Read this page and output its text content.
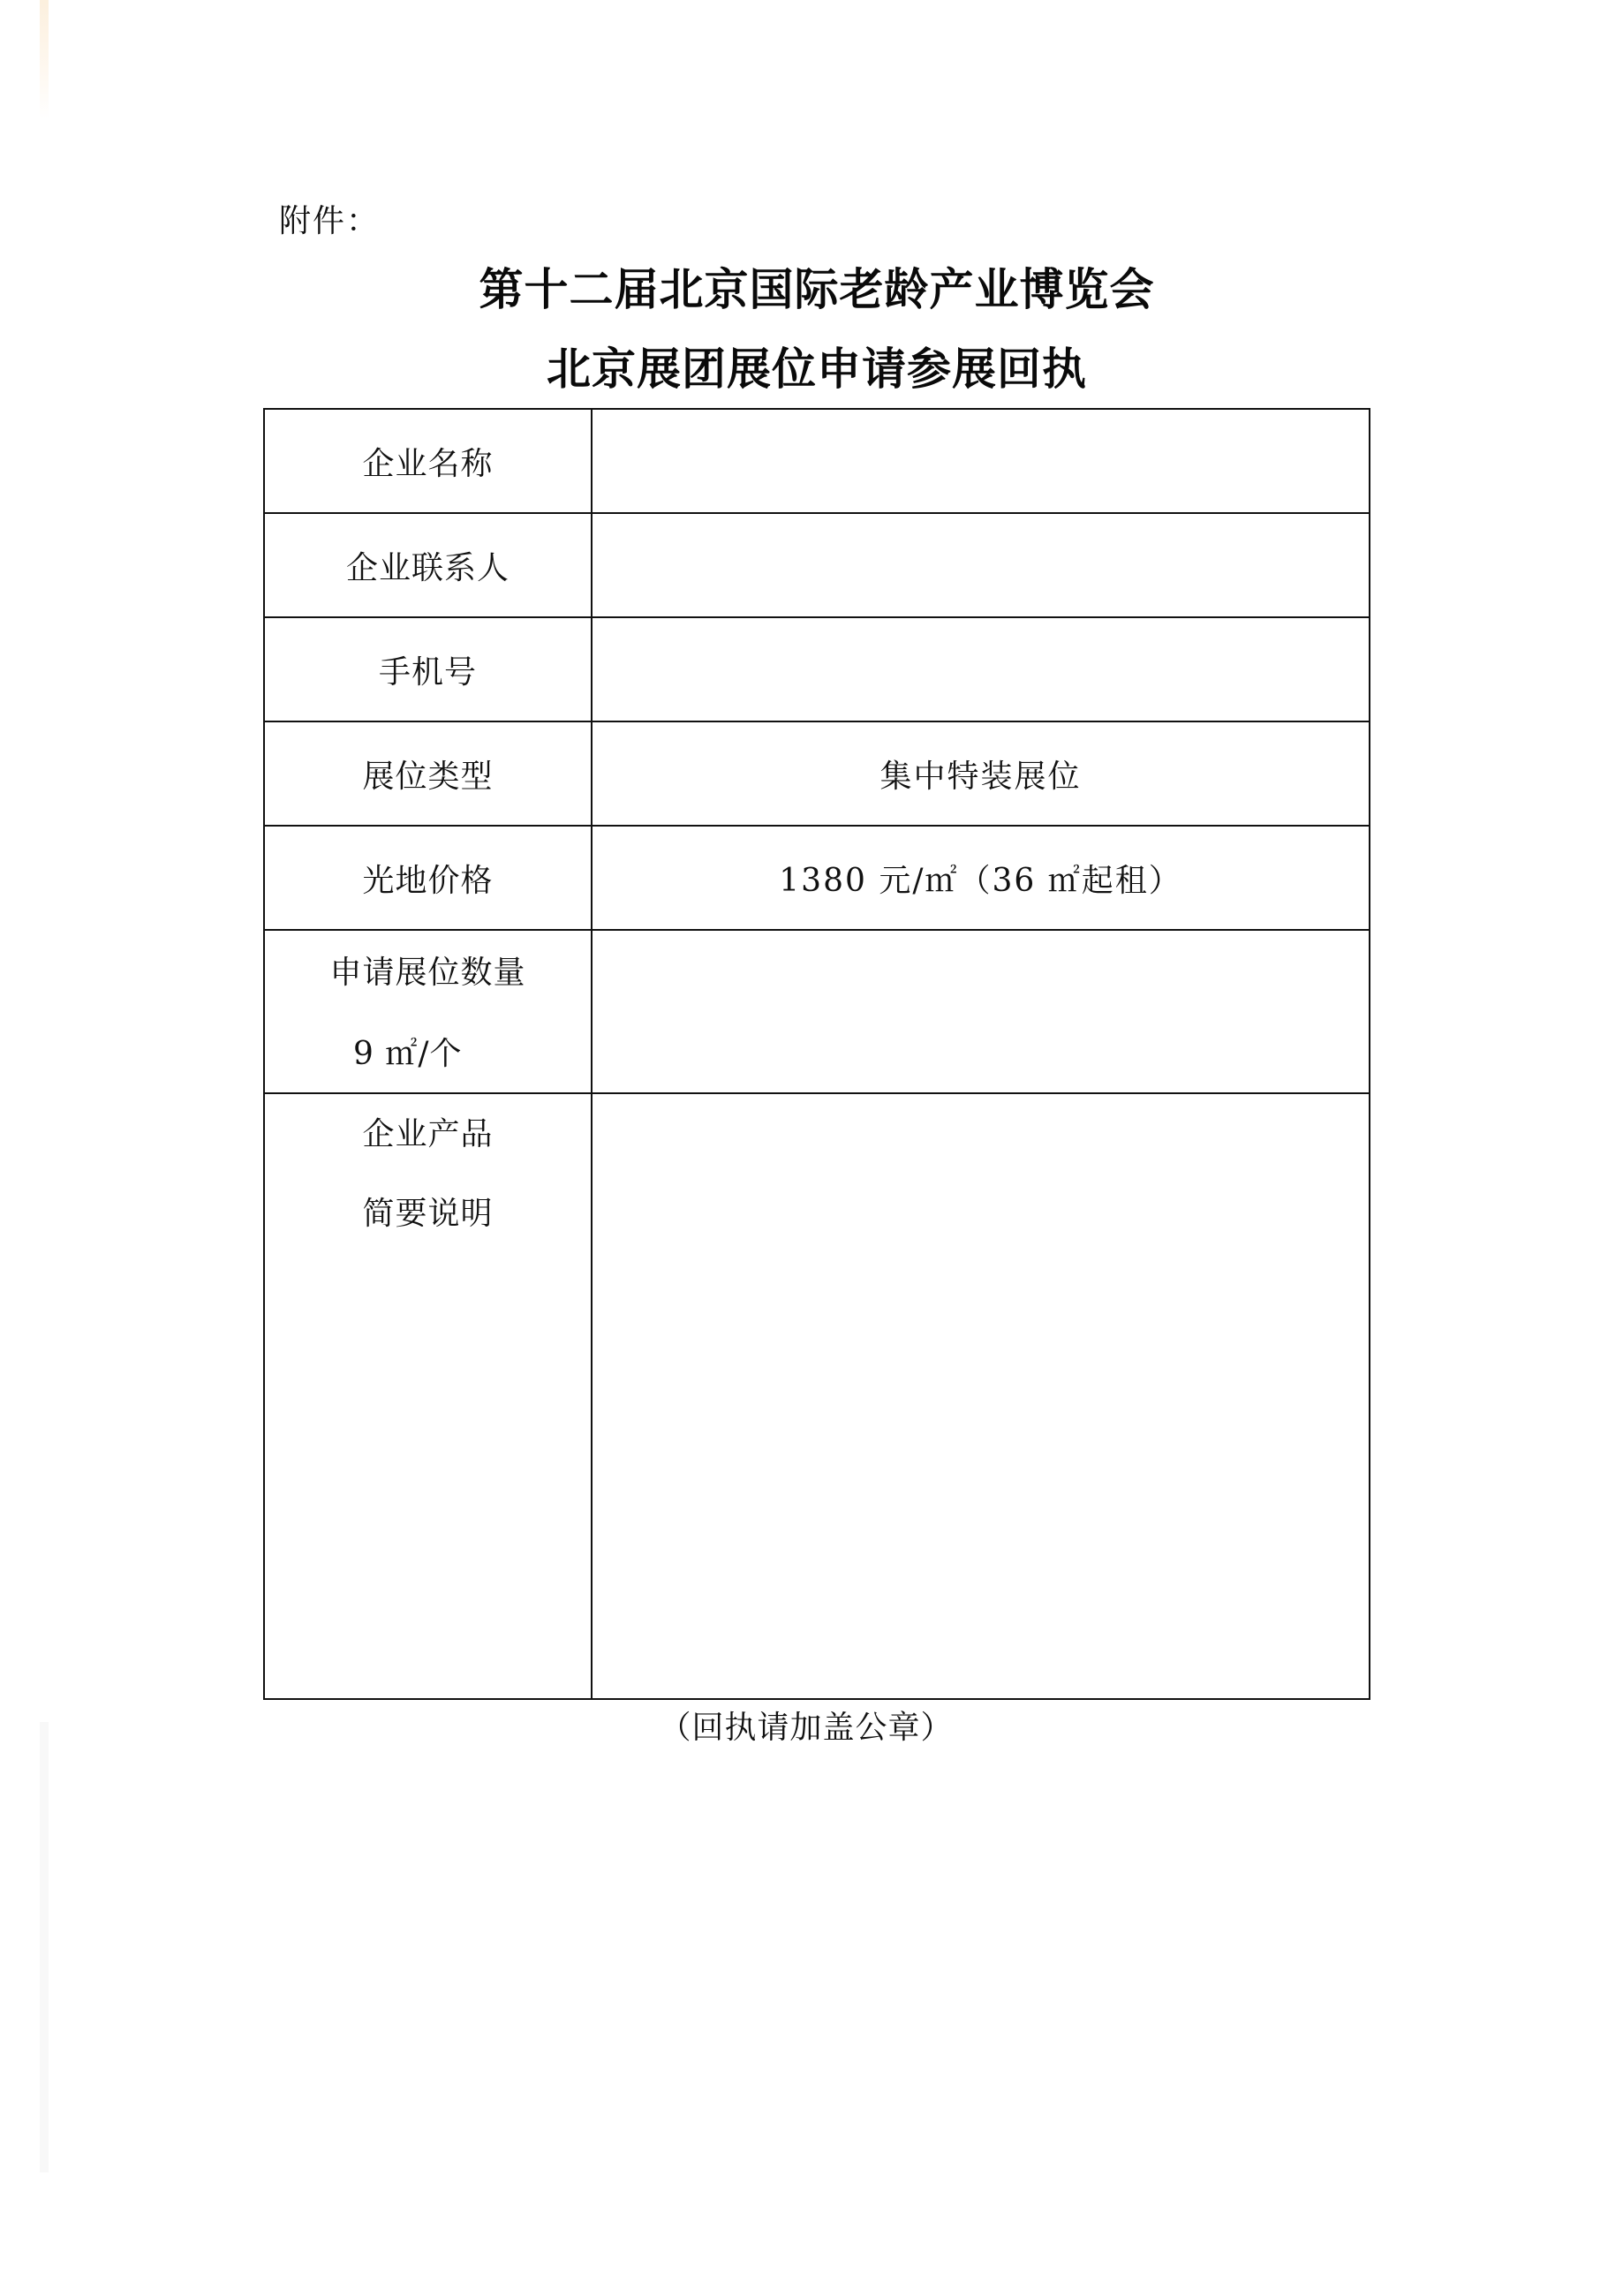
附件：
第十二届北京国际老龄产业博览会
北京展团展位申请参展回执
企业名称	
企业联系人	
手机号	
展位类型	集中特装展位
光地价格	1380 元/㎡（36 ㎡起租）

申请展位数量
9 ㎡/个	

企业产品
简要说明	

（回执请加盖公章）
